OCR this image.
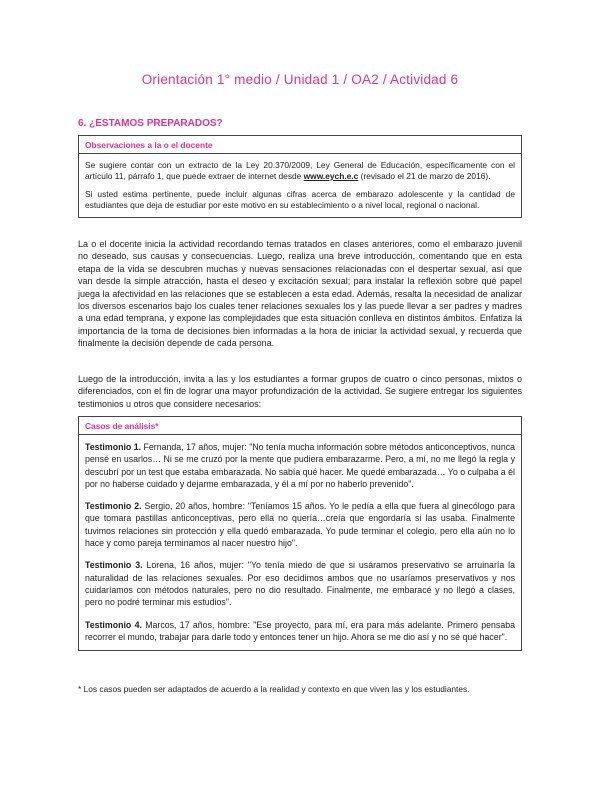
Orientación 1° medio / Unidad 1 / OA2 / Actividad 6
6. ¿ESTAMOS PREPARADOS?
Observaciones a la o el docente

Se sugiere contar con un extracto de la Ley 20.370/2009, Ley General de Educación, específicamente con el artículo 11, párrafo 1, que puede extraer de internet desde www.eych.e.c (revisado el 21 de marzo de 2016).

Si usted estima pertinente, puede incluir algunas cifras acerca de embarazo adolescente y la cantidad de estudiantes que deja de estudiar por este motivo en su establecimiento o a nivel local, regional o nacional.

La o el docente inicia la actividad recordando temas tratados en clases anteriores, como el embarazo juvenil no deseado, sus causas y consecuencias. Luego, realiza una breve introducción, comentando que en esta etapa de la vida se descubren muchas y nuevas sensaciones relacionadas con el despertar sexual, así que van desde la simple atracción, hasta el deseo y excitación sexual; para instalar la reflexión sobre qué papel juega la afectividad en las relaciones que se establecen a esta edad. Además, resalta la necesidad de analizar los diversos escenarios bajo los cuales tener relaciones sexuales los y las puede llevar a ser padres y madres a una edad temprana, y expone las complejidades que esta situación conlleva en distintos ámbitos. Enfatiza la importancia de la toma de decisiones bien informadas a la hora de iniciar la actividad sexual, y recuerda que finalmente la decisión depende de cada persona.

Luego de la introducción, invita a las y los estudiantes a formar grupos de cuatro o cinco personas, mixtos o diferenciados, con el fin de lograr una mayor profundización de la actividad. Se sugiere entregar los siguientes testimonios u otros que considere necesarios:

Casos de análisis*

Testimonio 1. Fernanda, 17 años, mujer: "No tenía mucha información sobre métodos anticonceptivos, nunca pensé en usarlos… Ni se me cruzó por la mente que pudiera embarazarme. Pero, a mí, no me llegó la regla y descubrí por un test que estaba embarazada. No sabía qué hacer. Me quedé embarazada… Yo o culpaba a él por no haberse cuidado y dejarme embarazada, y él a mí por no haberlo prevenido".

Testimonio 2. Sergio, 20 años, hombre: "Teníamos 15 años. Yo le pedía a ella que fuera al ginecólogo para que tomara pastillas anticonceptivas, pero ella no quería…creía que engordaría si las usaba. Finalmente tuvimos relaciones sin protección y ella quedó embarazada. Yo pude terminar el colegio, pero ella aún no lo hace y como pareja terminamos al nacer nuestro hijo".

Testimonio 3. Lorena, 16 años, mujer: "Yo tenía miedo de que si usáramos preservativo se arruinaría la naturalidad de las relaciones sexuales. Por eso decidimos ambos que no usaríamos preservativos y nos cuidaríamos con métodos naturales, pero no dio resultado. Finalmente, me embaracé y no llegó a clases, pero no podré terminar mis estudios".

Testimonio 4. Marcos, 17 años, hombre: "Ese proyecto, para mí, era para más adelante. Primero pensaba recorrer el mundo, trabajar para darle todo y entonces tener un hijo. Ahora se me dio así y no sé qué hacer".

* Los casos pueden ser adaptados de acuerdo a la realidad y contexto en que viven las y los estudiantes.
